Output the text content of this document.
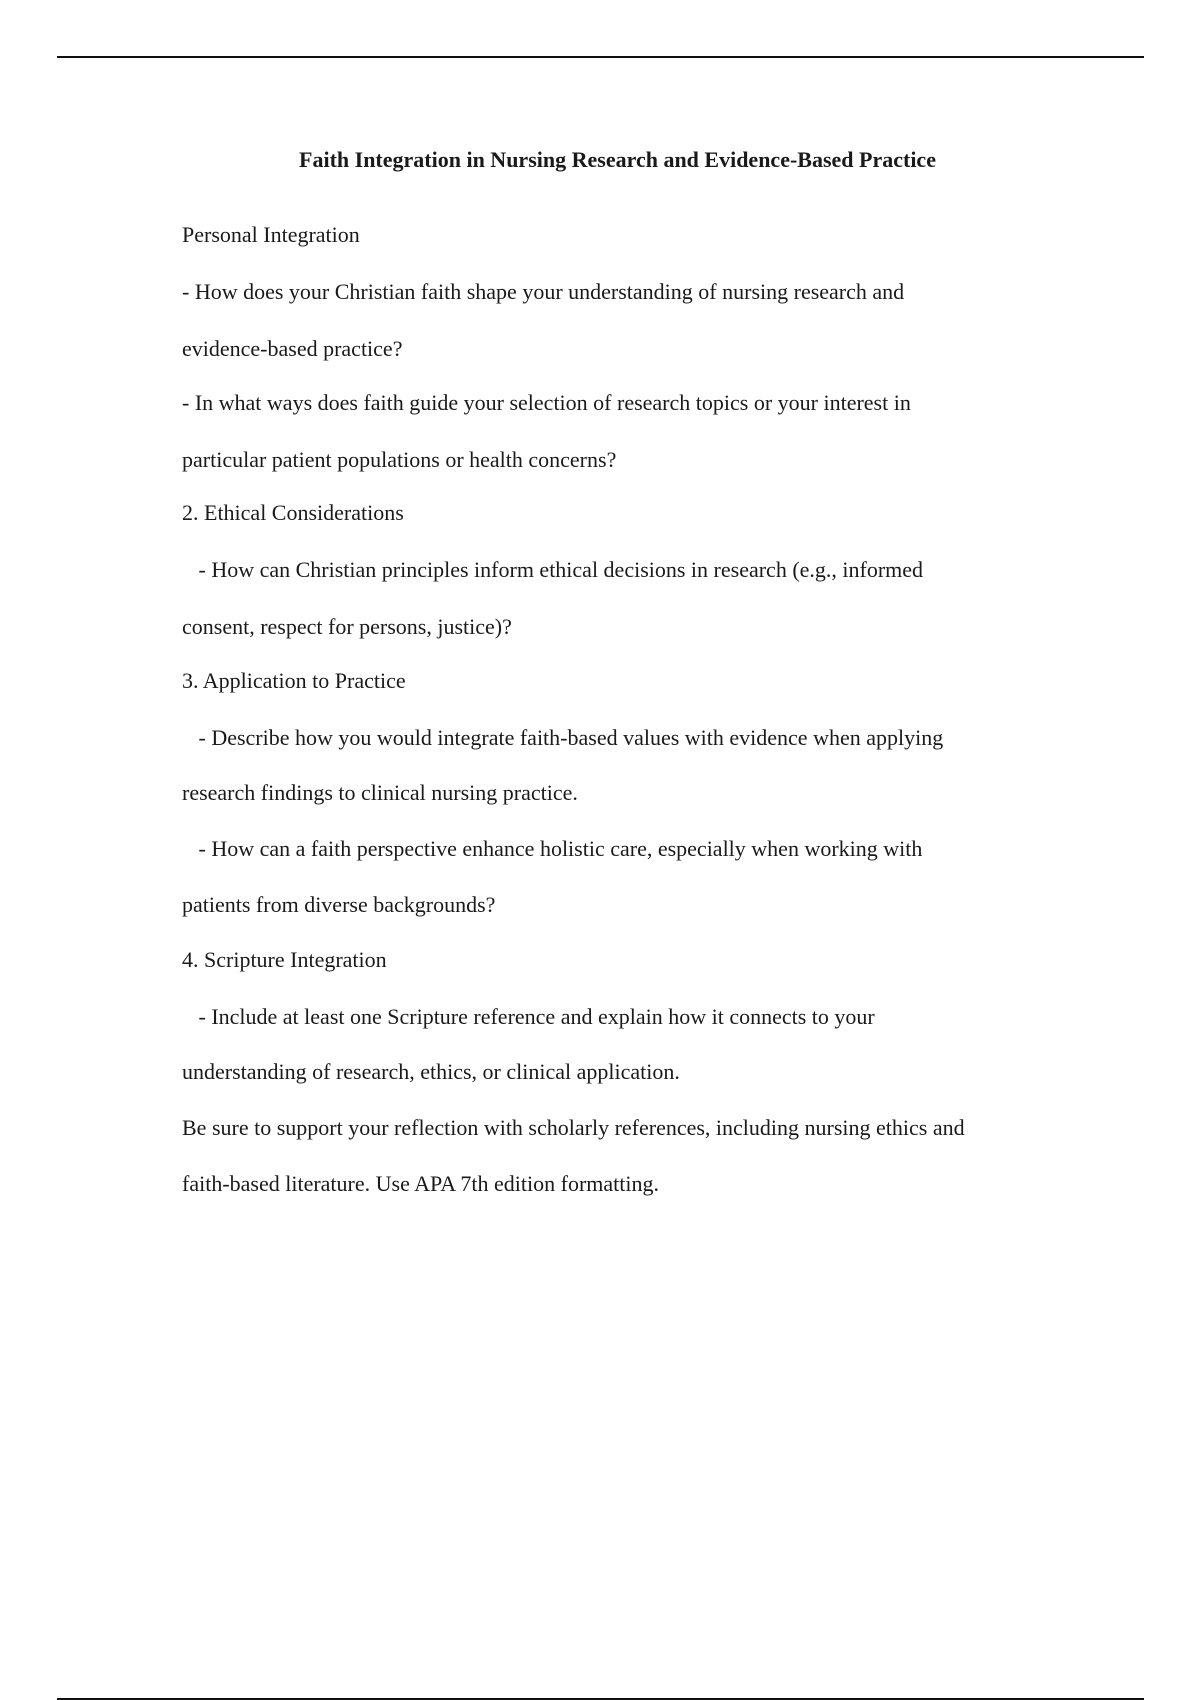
Faith Integration in Nursing Research and Evidence-Based Practice

Personal Integration

- How does your Christian faith shape your understanding of nursing research and

evidence-based practice?

- In what ways does faith guide your selection of research topics or your interest in

particular patient populations or health concerns?

2. Ethical Considerations

- How can Christian principles inform ethical decisions in research (e.g., informed

consent, respect for persons, justice)?

3. Application to Practice

- Describe how you would integrate faith-based values with evidence when applying

research findings to clinical nursing practice.

- How can a faith perspective enhance holistic care, especially when working with

patients from diverse backgrounds?

4. Scripture Integration

- Include at least one Scripture reference and explain how it connects to your

understanding of research, ethics, or clinical application.

Be sure to support your reflection with scholarly references, including nursing ethics and

faith-based literature. Use APA 7th edition formatting.
